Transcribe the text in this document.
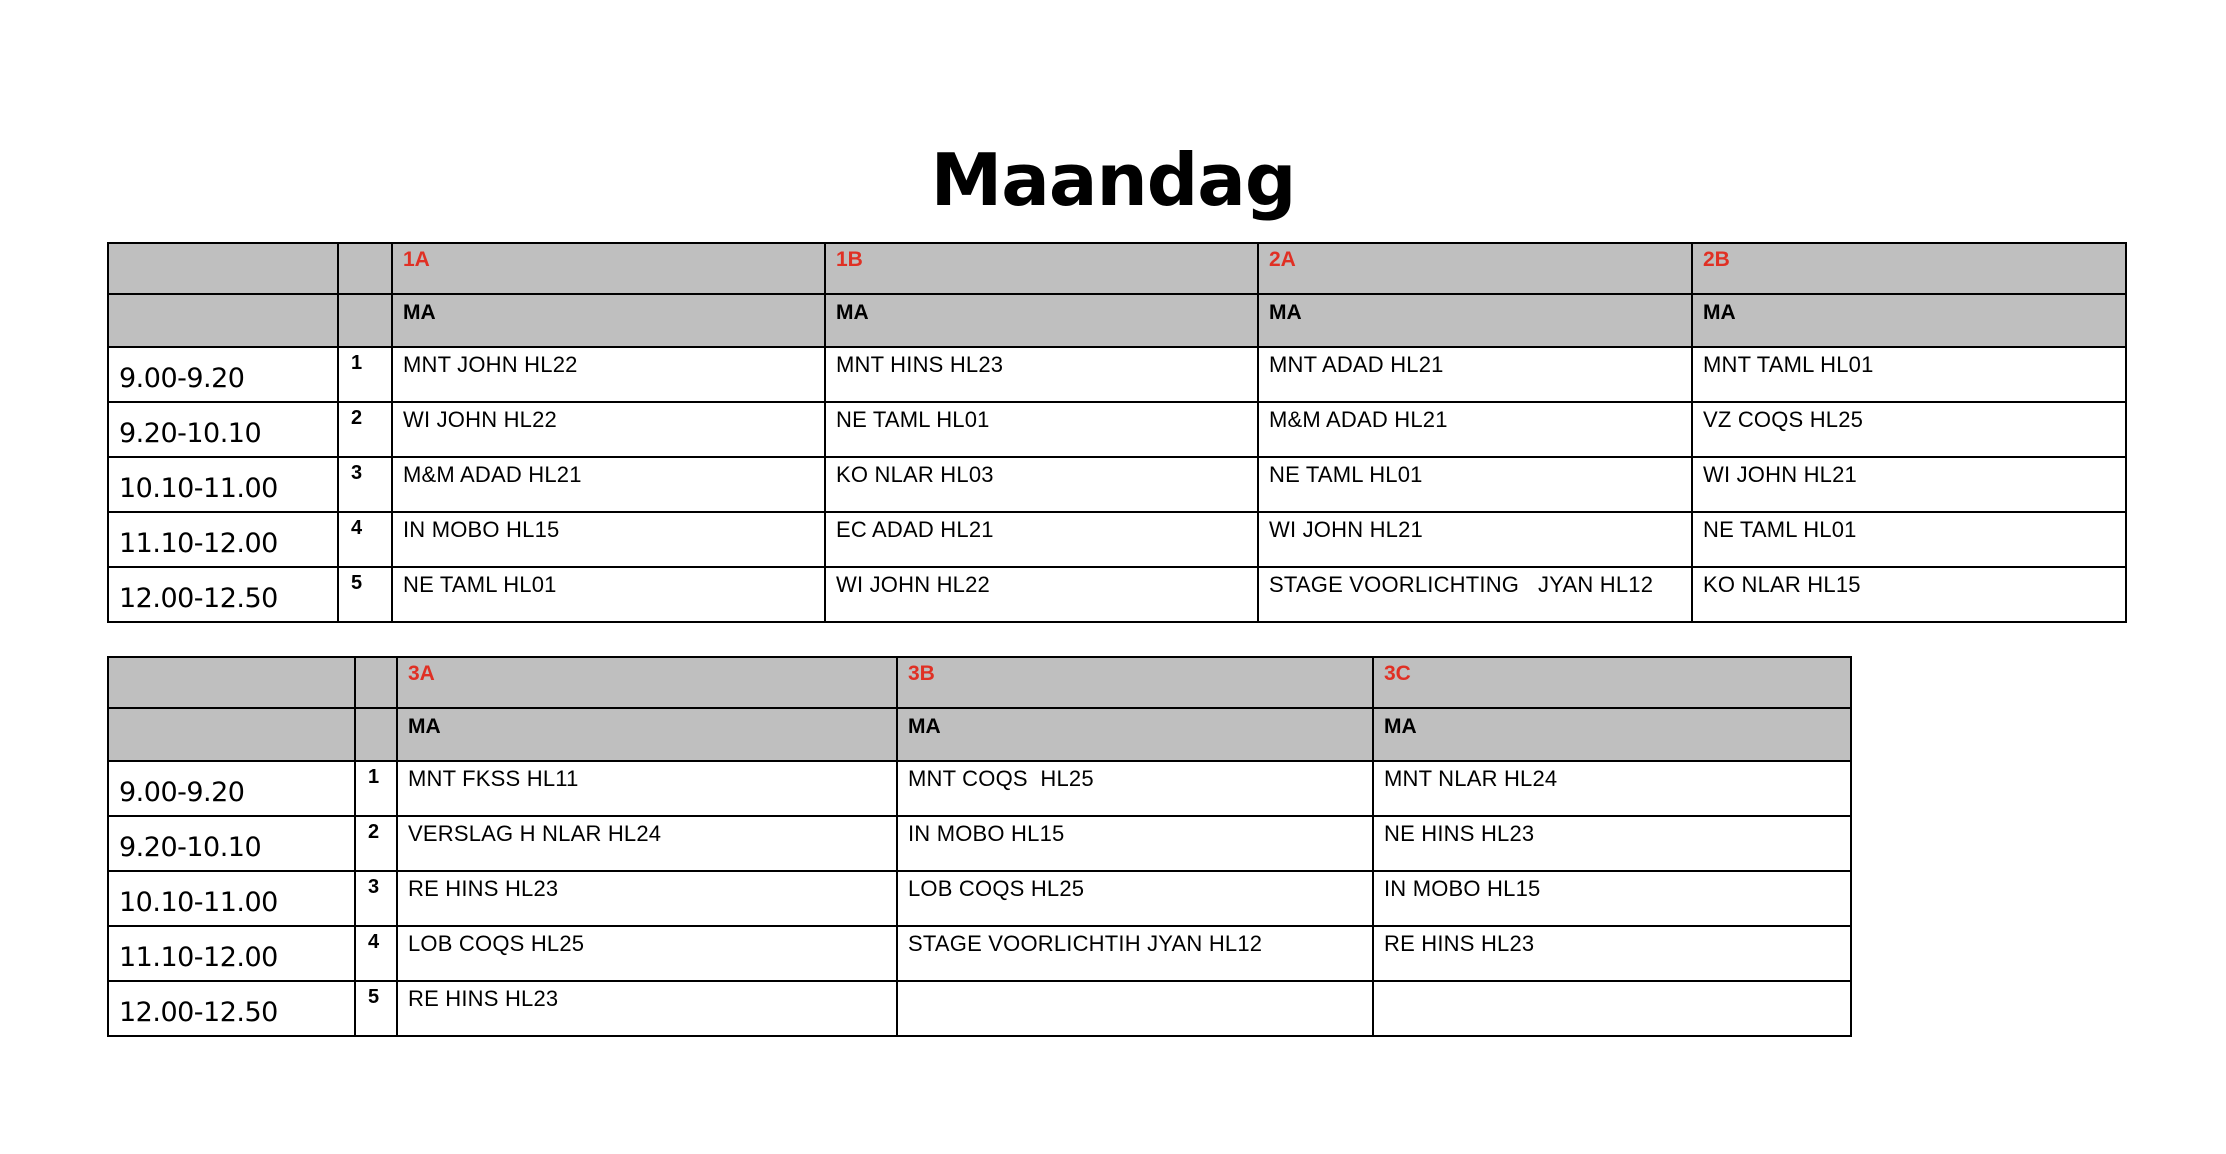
Maandag
		1A	1B	2A	2B
		MA	MA	MA	MA
9.00-9.20	1	MNT JOHN HL22	MNT HINS HL23	MNT ADAD HL21	MNT TAML HL01
9.20-10.10	2	WI JOHN HL22	NE TAML HL01	M&M ADAD HL21	VZ COQS HL25
10.10-11.00	3	M&M ADAD HL21	KO NLAR HL03	NE TAML HL01	WI JOHN HL21
11.10-12.00	4	IN MOBO HL15	EC ADAD HL21	WI JOHN HL21	NE TAML HL01
12.00-12.50	5	NE TAML HL01	WI JOHN HL22	STAGE VOORLICHTING   JYAN HL12	KO NLAR HL15
		3A	3B	3C
		MA	MA	MA
9.00-9.20	1	MNT FKSS HL11	MNT COQS  HL25	MNT NLAR HL24
9.20-10.10	2	VERSLAG H NLAR HL24	IN MOBO HL15	NE HINS HL23
10.10-11.00	3	RE HINS HL23	LOB COQS HL25	IN MOBO HL15
11.10-12.00	4	LOB COQS HL25	STAGE VOORLICHTIH JYAN HL12	RE HINS HL23
12.00-12.50	5	RE HINS HL23		
